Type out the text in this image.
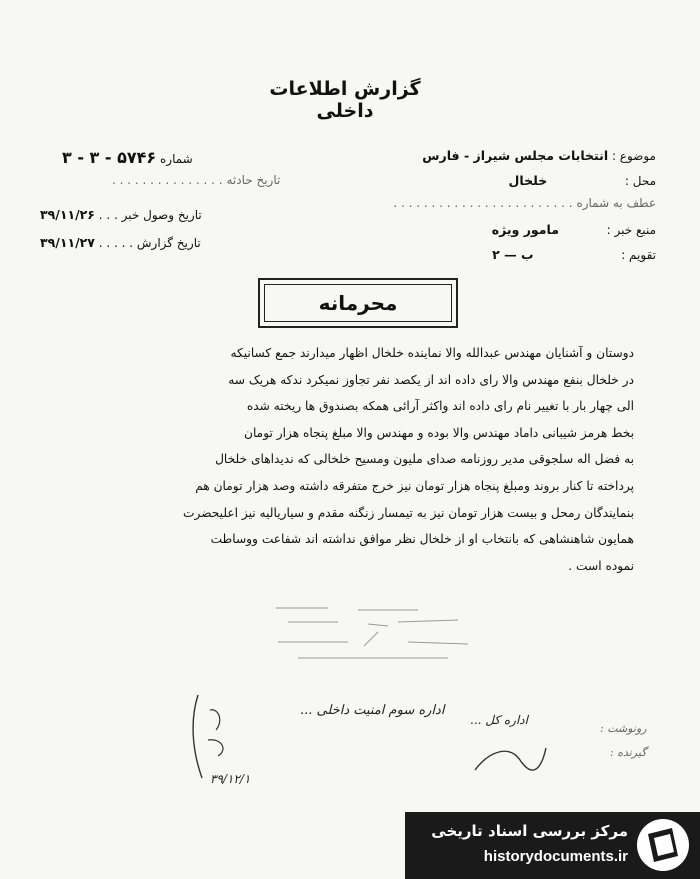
گزارش اطلاعات داخلی
موضوع : انتخابات مجلس شیراز - فارس
محل :  خلخال
عطف به شماره . . . . . . . . . . . . . . . . . . . . . . . .
منبع خبر :  مامور ویژه
تقویم :  ب — ۲
شماره ۵۷۴۶ - ۳ - ۳
تاریخ حادثه . . . . . . . . . . . . . . .
تاریخ وصول خبر . . . ۳۹/۱۱/۲۶
تاریخ گزارش . . . . . ۳۹/۱۱/۲۷
محرمانه
دوستان و آشنایان مهندس عبدالله والا نماینده خلخال اظهار میدارند جمع کسانیکه
در خلخال بنفع مهندس والا رای داده اند از یکصد نفر تجاوز نمیکرد ندکه هریک سه
الی چهار بار با تغییر نام رای داده اند واکثر آرائی همکه بصندوق ها ریخته شده
بخط هرمز شیبانی داماد مهندس والا بوده و مهندس والا مبلغ پنجاه هزار تومان
به فضل اله سلجوقی مدیر روزنامه صدای ملیون ومسیح خلخالی که ندیداهای خلخال
پرداخته تا کنار بروند ومبلغ پنجاه هزار تومان نیز خرج متفرقه داشته وصد هزار تومان هم
بنمایندگان رمحل و بیست هزار تومان نیز به تیمسار زنگنه مقدم و سیاریالیه نیز اعلیحضرت
همایون شاهنشاهی که بانتخاب او از خلخال نظر موافق نداشته اند شفاعت ووساطت
نموده است .
اداره سوم امنیت داخلی ...
اداره کل ...
رونوشت :
گیرنده :
۳۹/۱۲/۱
مرکز بررسی اسناد تاریخی
historydocuments.ir
